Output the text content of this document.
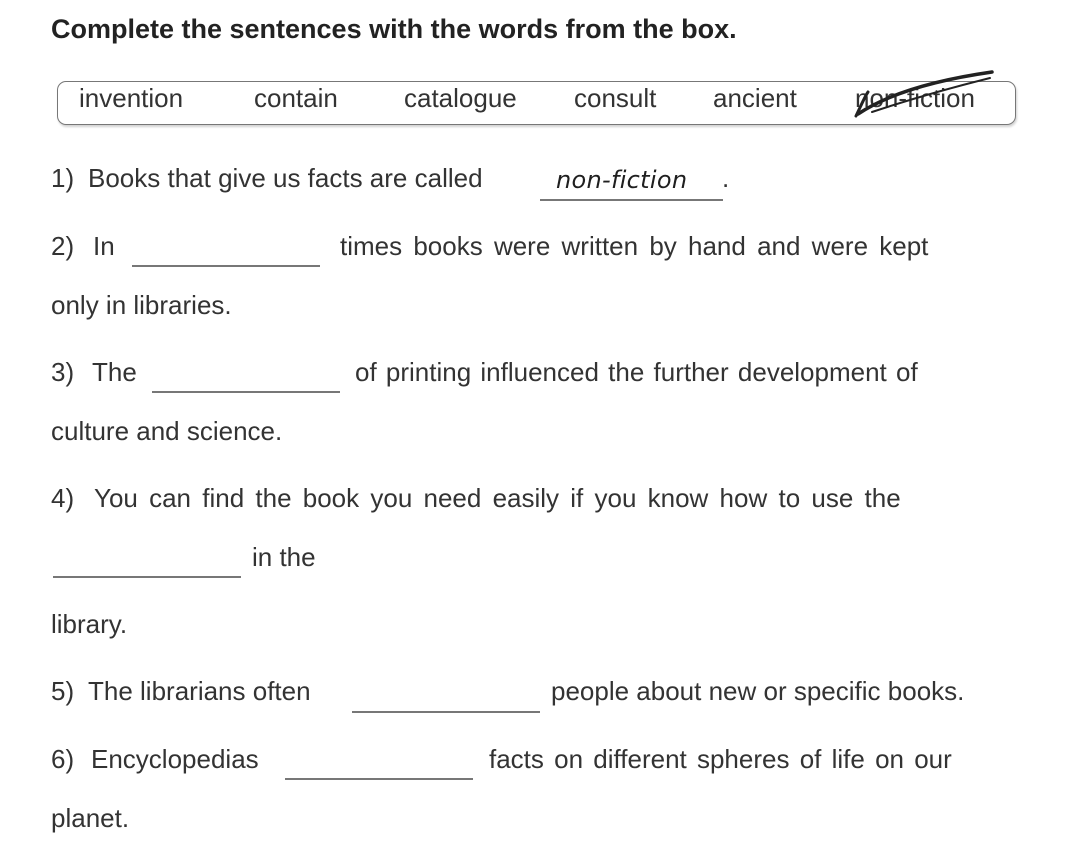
Complete the sentences with the words from the box.
invention	contain	catalogue consult ancient non-fiction
1) Books that give us facts are called	non-fiction .
2) In	times books were written by hand and were kept
only in libraries.
3) The	of printing influenced the further development of
culture and science.
4) You can find the book you need easily if you know how to use the
in the
library.
5) The librarians often	people about new or specific books.
6) Encyclopedias	facts on different spheres of life on our
planet.
